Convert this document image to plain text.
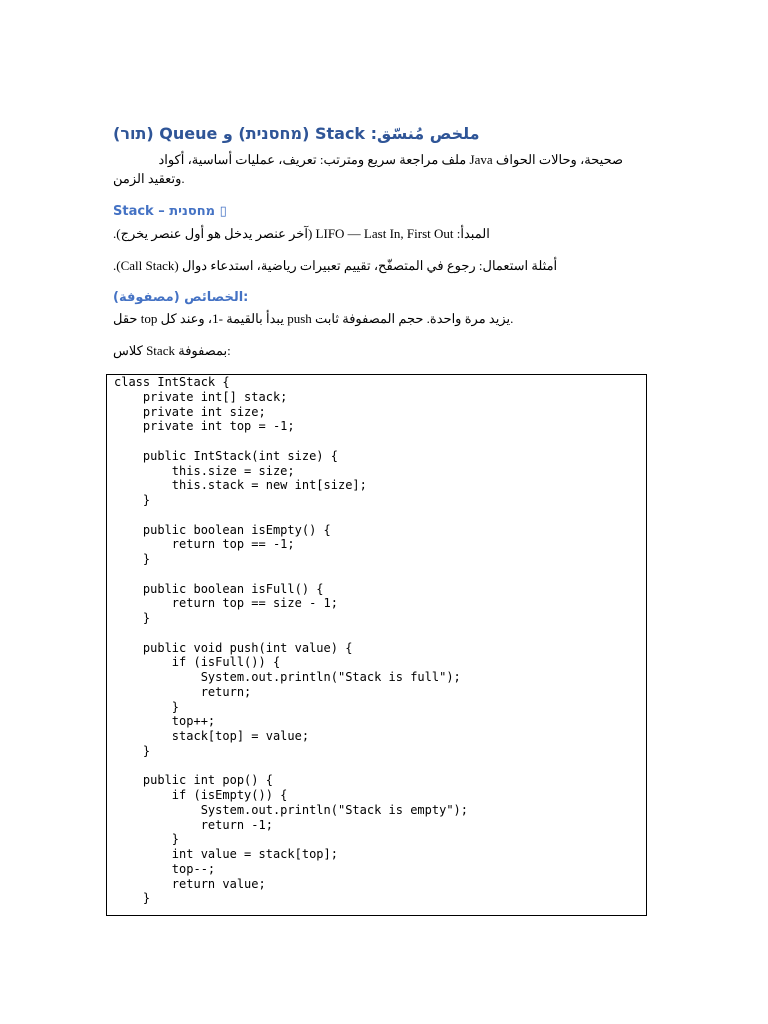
ملخص مُنسّق: Stack (מחסנית) و Queue (תור)
صحيحة، وحالات الحواف Java ملف مراجعة سريع ومترتب: تعريف، عمليات أساسية، أكواد
.وتعقيد الزمن
Stack – מחסנית ▯
المبدأ: LIFO — Last In, First Out (آخر عنصر يدخل هو أول عنصر يخرج).
أمثلة استعمال: رجوع في المتصفّح، تقييم تعبيرات رياضية، استدعاء دوال (Call Stack).
:الخصائص (مصفوفة)
.يزيد مرة واحدة. حجم المصفوفة ثابت push يبدأ بالقيمة -1، وعند كل top حقل
:بمصفوفة Stack كلاس
class IntStack {
private int[] stack;
private int size;
private int top = -1;

public IntStack(int size) {
this.size = size;
this.stack = new int[size];
}

public boolean isEmpty() {
return top == -1;
}

public boolean isFull() {
return top == size - 1;
}

public void push(int value) {
if (isFull()) {
System.out.println("Stack is full");
return;
}
top++;
stack[top] = value;
}

public int pop() {
if (isEmpty()) {
System.out.println("Stack is empty");
return -1;
}
int value = stack[top];
top--;
return value;
}
